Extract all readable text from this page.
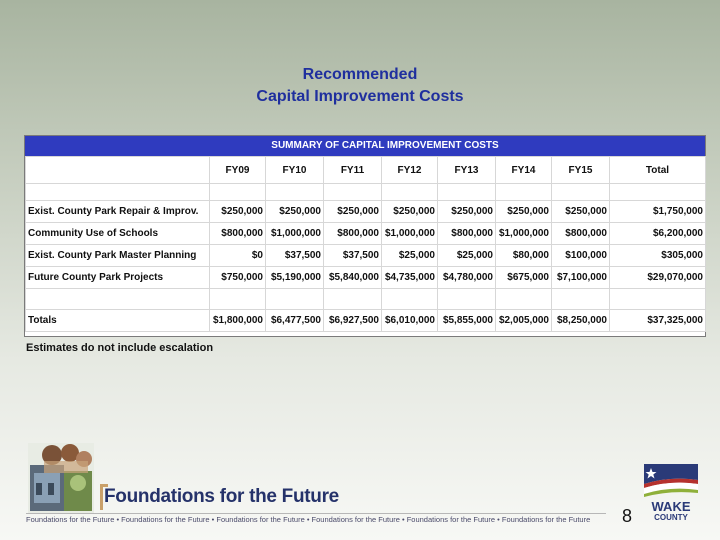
Recommended
Capital Improvement Costs
SUMMARY OF CAPITAL IMPROVEMENT COSTS
	FY09	FY10	FY11	FY12	FY13	FY14	FY15	Total

Exist. County Park Repair & Improv.	$250,000	$250,000	$250,000	$250,000	$250,000	$250,000	$250,000	$1,750,000
Community Use of Schools	$800,000	$1,000,000	$800,000	$1,000,000	$800,000	$1,000,000	$800,000	$6,200,000
Exist. County Park Master Planning	$0	$37,500	$37,500	$25,000	$25,000	$80,000	$100,000	$305,000
Future County Park Projects	$750,000	$5,190,000	$5,840,000	$4,735,000	$4,780,000	$675,000	$7,100,000	$29,070,000

Totals	$1,800,000	$6,477,500	$6,927,500	$6,010,000	$5,855,000	$2,005,000	$8,250,000	$37,325,000
Estimates do not include escalation
Foundations for the Future
Foundations for the Future • Foundations for the Future • Foundations for the Future • Foundations for the Future • Foundations for the Future • Foundations for the Future 8 WAKE
COUNTY
